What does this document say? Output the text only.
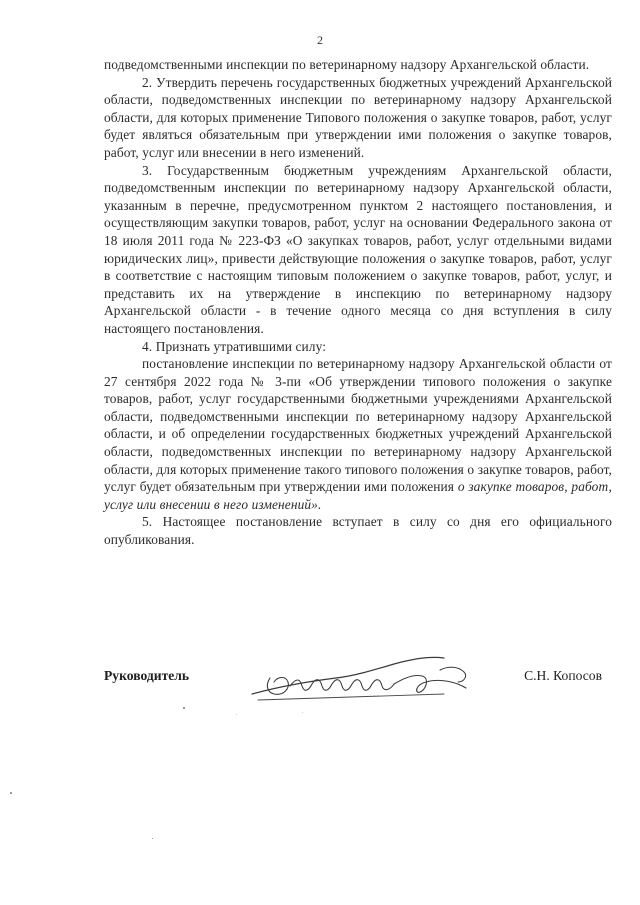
2

подведомственными инспекции по ветеринарному надзору Архангельской области.

2. Утвердить перечень государственных бюджетных учреждений Архангельской области, подведомственных инспекции по ветеринарному надзору Архангельской области, для которых применение Типового положения о закупке товаров, работ, услуг будет являться обязательным при утверждении ими положения о закупке товаров, работ, услуг или внесении в него изменений.

3. Государственным бюджетным учреждениям Архангельской области, подведомственным инспекции по ветеринарному надзору Архангельской области, указанным в перечне, предусмотренном пунктом 2 настоящего постановления, и осуществляющим закупки товаров, работ, услуг на основании Федерального закона от 18 июля 2011 года № 223-ФЗ «О закупках товаров, работ, услуг отдельными видами юридических лиц», привести действующие положения о закупке товаров, работ, услуг в соответствие с настоящим типовым положением о закупке товаров, работ, услуг, и представить их на утверждение в инспекцию по ветеринарному надзору Архангельской области - в течение одного месяца со дня вступления в силу настоящего постановления.

4. Признать утратившими силу:

постановление инспекции по ветеринарному надзору Архангельской области от 27 сентября 2022 года № 3-пи «Об утверждении типового положения о закупке товаров, работ, услуг государственными бюджетными учреждениями Архангельской области, подведомственными инспекции по ветеринарному надзору Архангельской области, и об определении государственных бюджетных учреждений Архангельской области, подведомственных инспекции по ветеринарному надзору Архангельской области, для которых применение такого типового положения о закупке товаров, работ, услуг будет обязательным при утверждении ими положения о закупке товаров, работ, услуг или внесении в него изменений».

5. Настоящее постановление вступает в силу со дня его официального опубликования.

Руководитель	С.Н. Копосов
